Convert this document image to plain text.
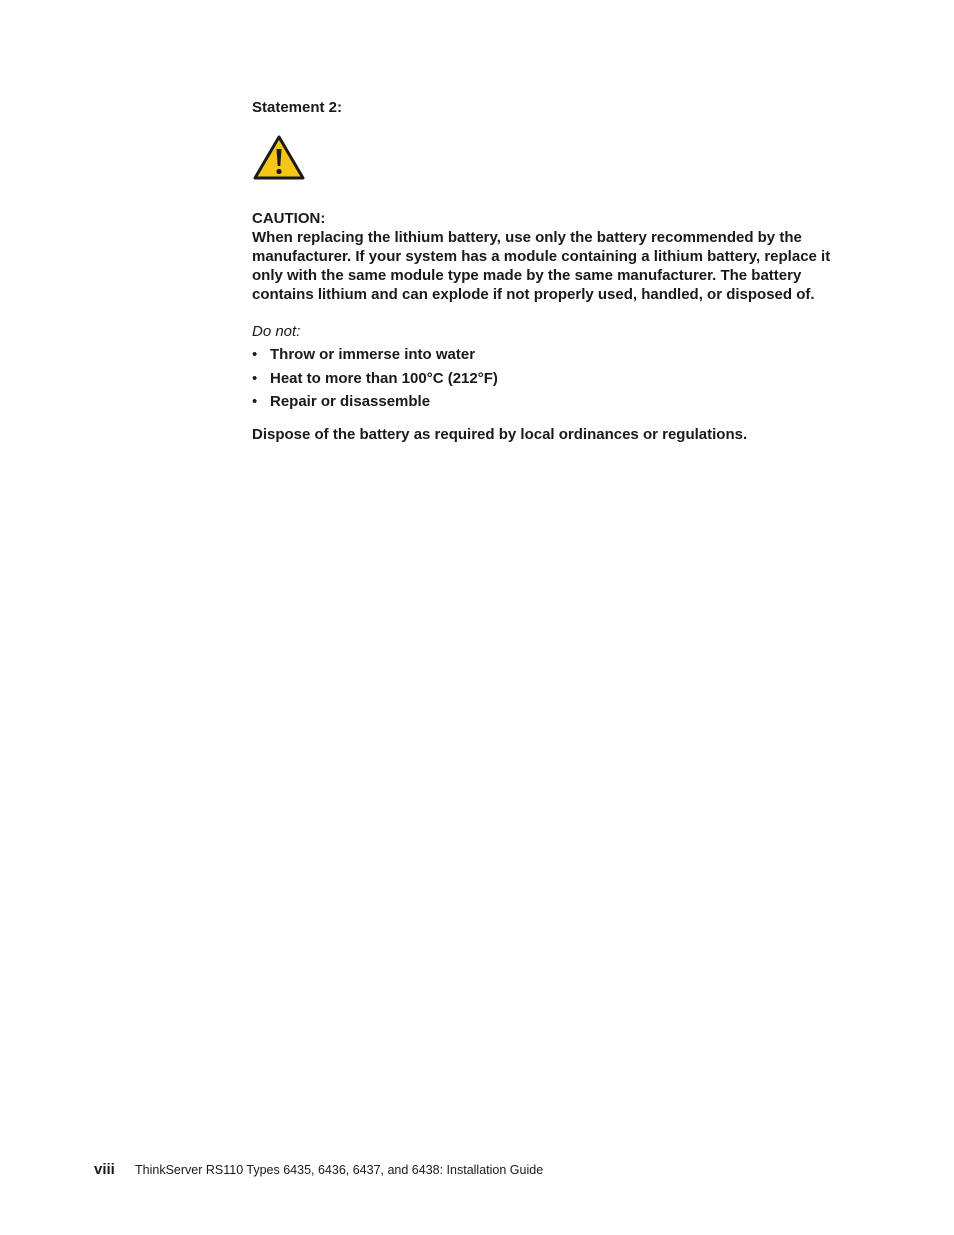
Statement 2:

CAUTION:

When replacing the lithium battery, use only the battery recommended by the manufacturer. If your system has a module containing a lithium battery, replace it only with the same module type made by the same manufacturer. The battery contains lithium and can explode if not properly used, handled, or disposed of.

Do not:

• Throw or immerse into water
• Heat to more than 100°C (212°F)
• Repair or disassemble

Dispose of the battery as required by local ordinances or regulations.

viii ThinkServer RS110 Types 6435, 6436, 6437, and 6438: Installation Guide
